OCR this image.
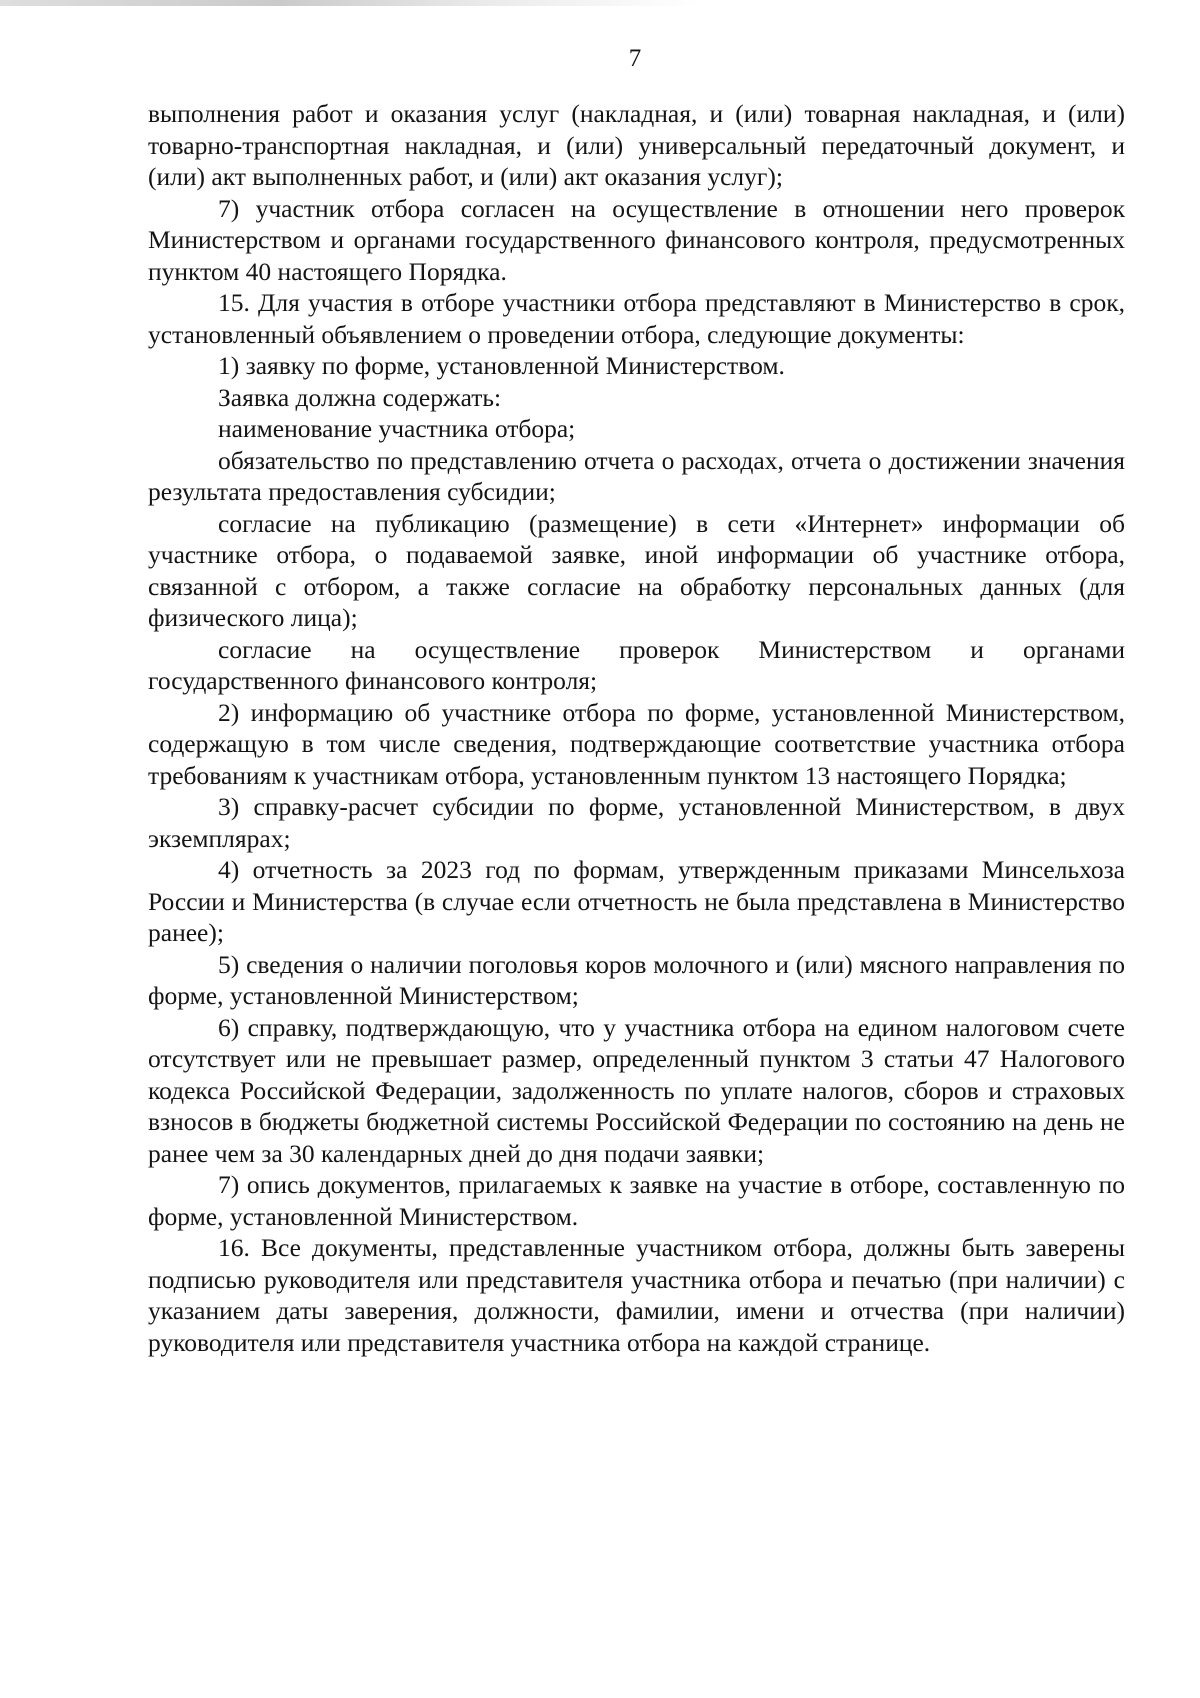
7

выполнения работ и оказания услуг (накладная, и (или) товарная накладная, и (или) товарно-транспортная накладная, и (или) универсальный передаточный документ, и (или) акт выполненных работ, и (или) акт оказания услуг);

7) участник отбора согласен на осуществление в отношении него проверок Министерством и органами государственного финансового контроля, предусмотренных пунктом 40 настоящего Порядка.

15. Для участия в отборе участники отбора представляют в Министерство в срок, установленный объявлением о проведении отбора, следующие документы:

1) заявку по форме, установленной Министерством.

Заявка должна содержать:

наименование участника отбора;

обязательство по представлению отчета о расходах, отчета о достижении значения результата предоставления субсидии;

согласие на публикацию (размещение) в сети «Интернет» информации об участнике отбора, о подаваемой заявке, иной информации об участнике отбора, связанной с отбором, а также согласие на обработку персональных данных (для физического лица);

согласие на осуществление проверок Министерством и органами государственного финансового контроля;

2) информацию об участнике отбора по форме, установленной Министерством, содержащую в том числе сведения, подтверждающие соответствие участника отбора требованиям к участникам отбора, установленным пунктом 13 настоящего Порядка;

3) справку-расчет субсидии по форме, установленной Министерством, в двух экземплярах;

4) отчетность за 2023 год по формам, утвержденным приказами Минсельхоза России и Министерства (в случае если отчетность не была представлена в Министерство ранее);

5) сведения о наличии поголовья коров молочного и (или) мясного направления по форме, установленной Министерством;

6) справку, подтверждающую, что у участника отбора на едином налоговом счете отсутствует или не превышает размер, определенный пунктом 3 статьи 47 Налогового кодекса Российской Федерации, задолженность по уплате налогов, сборов и страховых взносов в бюджеты бюджетной системы Российской Федерации по состоянию на день не ранее чем за 30 календарных дней до дня подачи заявки;

7) опись документов, прилагаемых к заявке на участие в отборе, составленную по форме, установленной Министерством.

16. Все документы, представленные участником отбора, должны быть заверены подписью руководителя или представителя участника отбора и печатью (при наличии) с указанием даты заверения, должности, фамилии, имени и отчества (при наличии) руководителя или представителя участника отбора на каждой странице.
